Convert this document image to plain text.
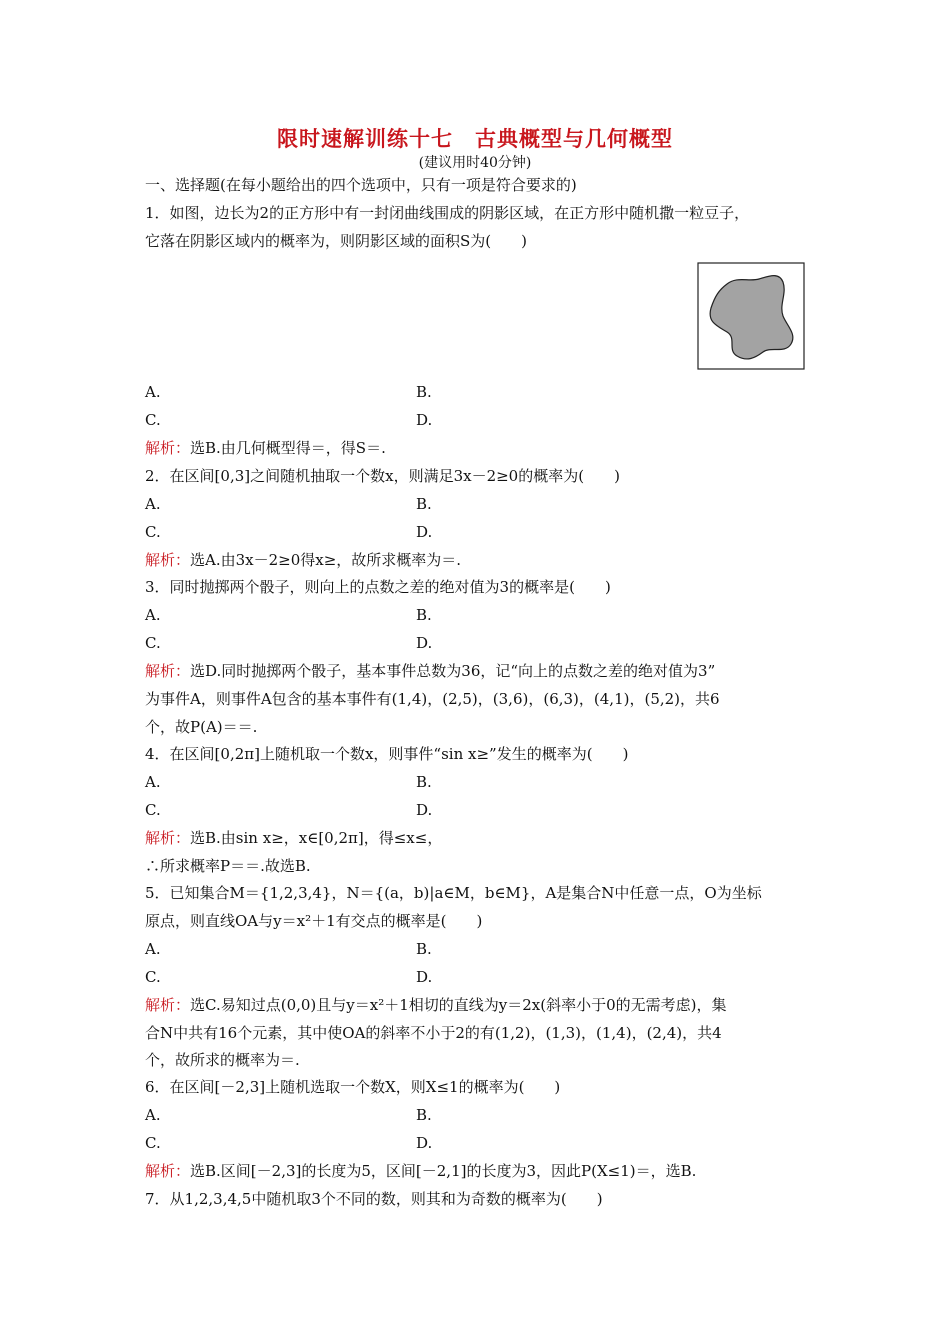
限时速解训练十七　古典概型与几何概型
(建议用时40分钟)
一、选择题(在每小题给出的四个选项中，只有一项是符合要求的)
1．如图，边长为2的正方形中有一封闭曲线围成的阴影区域，在正方形中随机撒一粒豆子，
它落在阴影区域内的概率为，则阴影区域的面积S为(　　)
A.	B.
C.	D.
解析：选B.由几何概型得＝，得S＝.
2．在区间[0,3]之间随机抽取一个数x，则满足3x－2≥0的概率为(　　)
A.	B.
C.	D.
解析：选A.由3x－2≥0得x≥，故所求概率为＝.
3．同时抛掷两个骰子，则向上的点数之差的绝对值为3的概率是(　　)
A.	B.
C.	D.
解析：选D.同时抛掷两个骰子，基本事件总数为36，记“向上的点数之差的绝对值为3”
为事件A，则事件A包含的基本事件有(1,4)，(2,5)，(3,6)，(6,3)，(4,1)，(5,2)，共6
个，故P(A)＝＝.
4．在区间[0,2π]上随机取一个数x，则事件“sin x≥”发生的概率为(　　)
A.	B.
C.	D.
解析：选B.由sin x≥，x∈[0,2π]，得≤x≤，
∴所求概率P＝＝.故选B.
5．已知集合M＝{1,2,3,4}，N＝{(a，b)|a∈M，b∈M}，A是集合N中任意一点，O为坐标
原点，则直线OA与y＝x²＋1有交点的概率是(　　)
A.	B.
C.	D.
解析：选C.易知过点(0,0)且与y＝x²＋1相切的直线为y＝2x(斜率小于0的无需考虑)，集
合N中共有16个元素，其中使OA的斜率不小于2的有(1,2)，(1,3)，(1,4)，(2,4)，共4
个，故所求的概率为＝.
6．在区间[－2,3]上随机选取一个数X，则X≤1的概率为(　　)
A.	B.
C.	D.
解析：选B.区间[－2,3]的长度为5，区间[－2,1]的长度为3，因此P(X≤1)＝，选B.
7．从1,2,3,4,5中随机取3个不同的数，则其和为奇数的概率为(　　)
